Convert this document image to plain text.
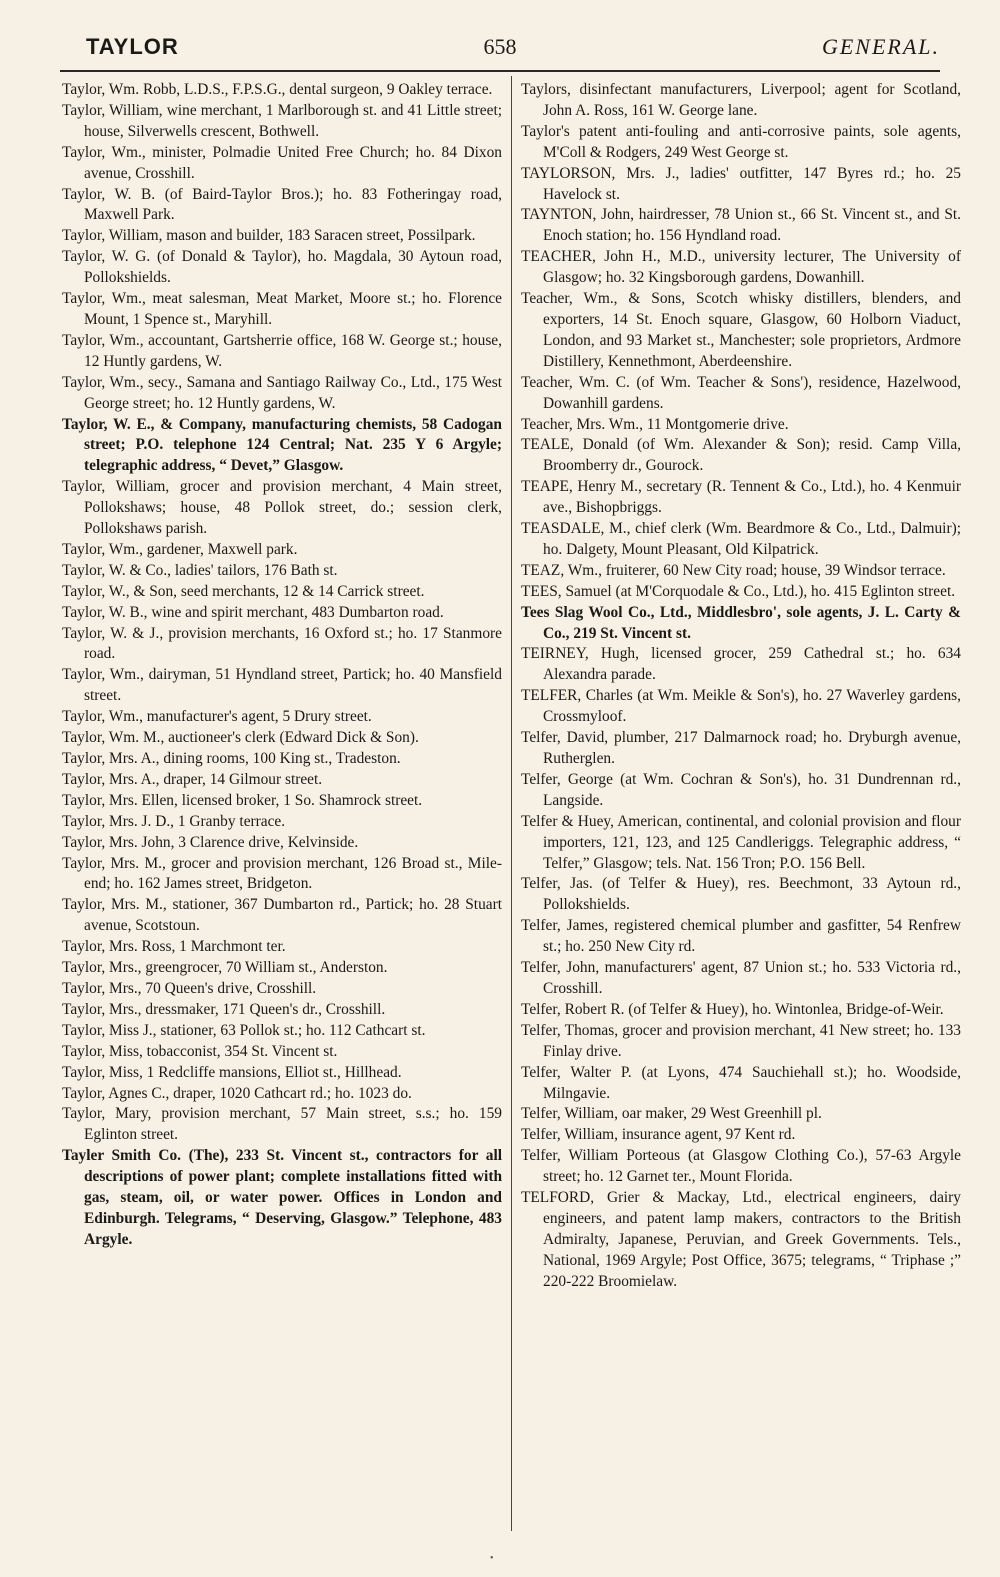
TAYLOR	658	GENERAL.

Taylor, Wm. Robb, L.D.S., F.P.S.G., dental surgeon, 9 Oakley terrace.

Taylor, William, wine merchant, 1 Marlborough st. and 41 Little street; house, Silverwells crescent, Bothwell.

Taylor, Wm., minister, Polmadie United Free Church; ho. 84 Dixon avenue, Crosshill.

Taylor, W. B. (of Baird-Taylor Bros.); ho. 83 Fotheringay road, Maxwell Park.

Taylor, William, mason and builder, 183 Saracen street, Possilpark.

Taylor, W. G. (of Donald & Taylor), ho. Magdala, 30 Aytoun road, Pollokshields.

Taylor, Wm., meat salesman, Meat Market, Moore st.; ho. Florence Mount, 1 Spence st., Maryhill.

Taylor, Wm., accountant, Gartsherrie office, 168 W. George st.; house, 12 Huntly gardens, W.

Taylor, Wm., secy., Samana and Santiago Railway Co., Ltd., 175 West George street; ho. 12 Huntly gardens, W.

Taylor, W. E., & Company, manufacturing chemists, 58 Cadogan street; P.O. telephone 124 Central; Nat. 235 Y 6 Argyle; telegraphic address, “ Devet,” Glasgow.

Taylor, William, grocer and provision merchant, 4 Main street, Pollokshaws; house, 48 Pollok street, do.; session clerk, Pollokshaws parish.

Taylor, Wm., gardener, Maxwell park.

Taylor, W. & Co., ladies' tailors, 176 Bath st.

Taylor, W., & Son, seed merchants, 12 & 14 Carrick street.

Taylor, W. B., wine and spirit merchant, 483 Dumbarton road.

Taylor, W. & J., provision merchants, 16 Oxford st.; ho. 17 Stanmore road.

Taylor, Wm., dairyman, 51 Hyndland street, Partick; ho. 40 Mansfield street.

Taylor, Wm., manufacturer's agent, 5 Drury street.

Taylor, Wm. M., auctioneer's clerk (Edward Dick & Son).

Taylor, Mrs. A., dining rooms, 100 King st., Tradeston.

Taylor, Mrs. A., draper, 14 Gilmour street.

Taylor, Mrs. Ellen, licensed broker, 1 So. Shamrock street.

Taylor, Mrs. J. D., 1 Granby terrace.

Taylor, Mrs. John, 3 Clarence drive, Kelvinside.

Taylor, Mrs. M., grocer and provision merchant, 126 Broad st., Mile-end; ho. 162 James street, Bridgeton.

Taylor, Mrs. M., stationer, 367 Dumbarton rd., Partick; ho. 28 Stuart avenue, Scotstoun.

Taylor, Mrs. Ross, 1 Marchmont ter.

Taylor, Mrs., greengrocer, 70 William st., Anderston.

Taylor, Mrs., 70 Queen's drive, Crosshill.

Taylor, Mrs., dressmaker, 171 Queen's dr., Crosshill.

Taylor, Miss J., stationer, 63 Pollok st.; ho. 112 Cathcart st.

Taylor, Miss, tobacconist, 354 St. Vincent st.

Taylor, Miss, 1 Redcliffe mansions, Elliot st., Hillhead.

Taylor, Agnes C., draper, 1020 Cathcart rd.; ho. 1023 do.

Taylor, Mary, provision merchant, 57 Main street, s.s.; ho. 159 Eglinton street.

Tayler Smith Co. (The), 233 St. Vincent st., contractors for all descriptions of power plant; complete installations fitted with gas, steam, oil, or water power. Offices in London and Edinburgh. Telegrams, “ Deserving, Glasgow.” Telephone, 483 Argyle.

Taylors, disinfectant manufacturers, Liverpool; agent for Scotland, John A. Ross, 161 W. George lane.

Taylor's patent anti-fouling and anti-corrosive paints, sole agents, M'Coll & Rodgers, 249 West George st.

TAYLORSON, Mrs. J., ladies' outfitter, 147 Byres rd.; ho. 25 Havelock st.

TAYNTON, John, hairdresser, 78 Union st., 66 St. Vincent st., and St. Enoch station; ho. 156 Hyndland road.

TEACHER, John H., M.D., university lecturer, The University of Glasgow; ho. 32 Kingsborough gardens, Dowanhill.

Teacher, Wm., & Sons, Scotch whisky distillers, blenders, and exporters, 14 St. Enoch square, Glasgow, 60 Holborn Viaduct, London, and 93 Market st., Manchester; sole proprietors, Ardmore Distillery, Kennethmont, Aberdeenshire.

Teacher, Wm. C. (of Wm. Teacher & Sons'), residence, Hazelwood, Dowanhill gardens.

Teacher, Mrs. Wm., 11 Montgomerie drive.

TEALE, Donald (of Wm. Alexander & Son); resid. Camp Villa, Broomberry dr., Gourock.

TEAPE, Henry M., secretary (R. Tennent & Co., Ltd.), ho. 4 Kenmuir ave., Bishopbriggs.

TEASDALE, M., chief clerk (Wm. Beardmore & Co., Ltd., Dalmuir); ho. Dalgety, Mount Pleasant, Old Kilpatrick.

TEAZ, Wm., fruiterer, 60 New City road; house, 39 Windsor terrace.

TEES, Samuel (at M'Corquodale & Co., Ltd.), ho. 415 Eglinton street.

Tees Slag Wool Co., Ltd., Middlesbro', sole agents, J. L. Carty & Co., 219 St. Vincent st.

TEIRNEY, Hugh, licensed grocer, 259 Cathedral st.; ho. 634 Alexandra parade.

TELFER, Charles (at Wm. Meikle & Son's), ho. 27 Waverley gardens, Crossmyloof.

Telfer, David, plumber, 217 Dalmarnock road; ho. Dryburgh avenue, Rutherglen.

Telfer, George (at Wm. Cochran & Son's), ho. 31 Dundrennan rd., Langside.

Telfer & Huey, American, continental, and colonial provision and flour importers, 121, 123, and 125 Candleriggs. Telegraphic address, “ Telfer,” Glasgow; tels. Nat. 156 Tron; P.O. 156 Bell.

Telfer, Jas. (of Telfer & Huey), res. Beechmont, 33 Aytoun rd., Pollokshields.

Telfer, James, registered chemical plumber and gasfitter, 54 Renfrew st.; ho. 250 New City rd.

Telfer, John, manufacturers' agent, 87 Union st.; ho. 533 Victoria rd., Crosshill.

Telfer, Robert R. (of Telfer & Huey), ho. Wintonlea, Bridge-of-Weir.

Telfer, Thomas, grocer and provision merchant, 41 New street; ho. 133 Finlay drive.

Telfer, Walter P. (at Lyons, 474 Sauchiehall st.); ho. Woodside, Milngavie.

Telfer, William, oar maker, 29 West Greenhill pl.

Telfer, William, insurance agent, 97 Kent rd.

Telfer, William Porteous (at Glasgow Clothing Co.), 57-63 Argyle street; ho. 12 Garnet ter., Mount Florida.

TELFORD, Grier & Mackay, Ltd., electrical engineers, dairy engineers, and patent lamp makers, contractors to the British Admiralty, Japanese, Peruvian, and Greek Governments. Tels., National, 1969 Argyle; Post Office, 3675; telegrams, “ Triphase ;” 220-222 Broomielaw.

•
